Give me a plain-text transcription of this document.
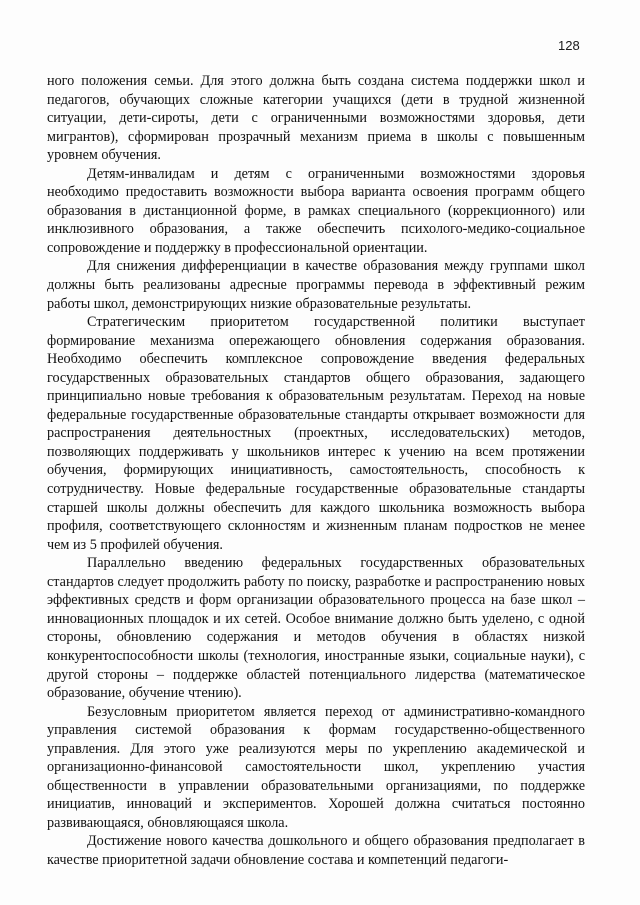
128

ного положения семьи. Для этого должна быть создана система поддержки школ и педагогов, обучающих сложные категории учащихся (дети в трудной жизненной ситуации, дети-сироты, дети с ограниченными возможностями здоровья, дети мигрантов), сформирован прозрачный механизм приема в школы с повышенным уровнем обучения.

Детям-инвалидам и детям с ограниченными возможностями здоровья необходимо предоставить возможности выбора варианта освоения программ общего образования в дистанционной форме, в рамках специального (коррекционного) или инклюзивного образования, а также обеспечить психолого-медико-социальное сопровождение и поддержку в профессиональной ориентации.

Для снижения дифференциации в качестве образования между группами школ должны быть реализованы адресные программы перевода в эффективный режим работы школ, демонстрирующих низкие образовательные результаты.

Стратегическим приоритетом государственной политики выступает формирование механизма опережающего обновления содержания образования. Необходимо обеспечить комплексное сопровождение введения федеральных государственных образовательных стандартов общего образования, задающего принципиально новые требования к образовательным результатам. Переход на новые федеральные государственные образовательные стандарты открывает возможности для распространения деятельностных (проектных, исследовательских) методов, позволяющих поддерживать у школьников интерес к учению на всем протяжении обучения, формирующих инициативность, самостоятельность, способность к сотрудничеству. Новые федеральные государственные образовательные стандарты старшей школы должны обеспечить для каждого школьника возможность выбора профиля, соответствующего склонностям и жизненным планам подростков не менее чем из 5 профилей обучения.

Параллельно введению федеральных государственных образовательных стандартов следует продолжить работу по поиску, разработке и распространению новых эффективных средств и форм организации образовательного процесса на базе школ – инновационных площадок и их сетей. Особое внимание должно быть уделено, с одной стороны, обновлению содержания и методов обучения в областях низкой конкурентоспособности школы (технология, иностранные языки, социальные науки), с другой стороны – поддержке областей потенциального лидерства (математическое образование, обучение чтению).

Безусловным приоритетом является переход от административно-командного управления системой образования к формам государственно-общественного управления. Для этого уже реализуются меры по укреплению академической и организационно-финансовой самостоятельности школ, укреплению участия общественности в управлении образовательными организациями, по поддержке инициатив, инноваций и экспериментов. Хорошей должна считаться постоянно развивающаяся, обновляющаяся школа.

Достижение нового качества дошкольного и общего образования предполагает в качестве приоритетной задачи обновление состава и компетенций педагоги-
